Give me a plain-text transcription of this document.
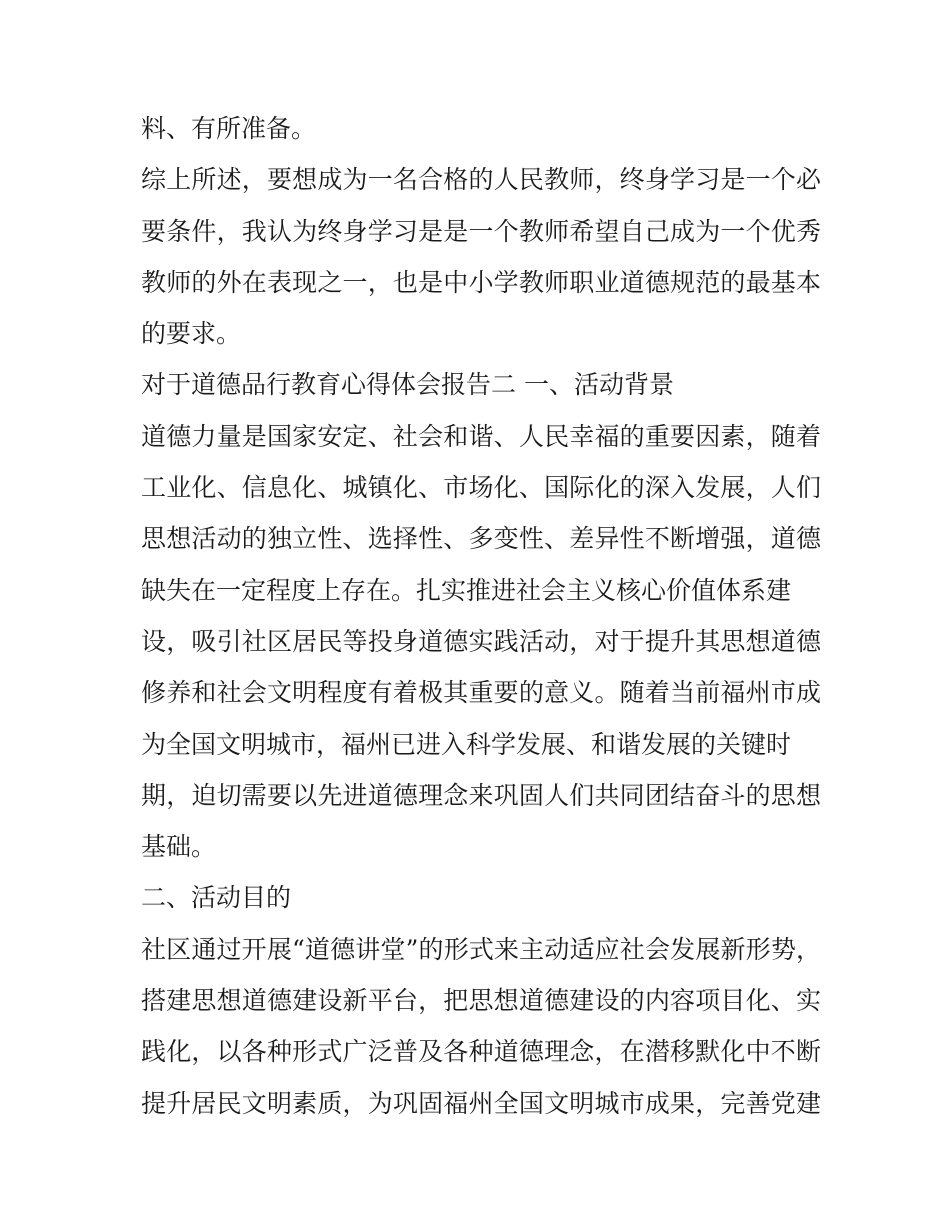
料、有所准备。
综上所述，要想成为一名合格的人民教师，终身学习是一个必
要条件，我认为终身学习是是一个教师希望自己成为一个优秀
教师的外在表现之一，也是中小学教师职业道德规范的最基本
的要求。
对于道德品行教育心得体会报告二 一、活动背景
道德力量是国家安定、社会和谐、人民幸福的重要因素，随着
工业化、信息化、城镇化、市场化、国际化的深入发展，人们
思想活动的独立性、选择性、多变性、差异性不断增强，道德
缺失在一定程度上存在。扎实推进社会主义核心价值体系建
设，吸引社区居民等投身道德实践活动，对于提升其思想道德
修养和社会文明程度有着极其重要的意义。随着当前福州市成
为全国文明城市，福州已进入科学发展、和谐发展的关键时
期，迫切需要以先进道德理念来巩固人们共同团结奋斗的思想
基础。
二、活动目的
社区通过开展“道德讲堂”的形式来主动适应社会发展新形势，
搭建思想道德建设新平台，把思想道德建设的内容项目化、实
践化，以各种形式广泛普及各种道德理念，在潜移默化中不断
提升居民文明素质，为巩固福州全国文明城市成果，完善党建
